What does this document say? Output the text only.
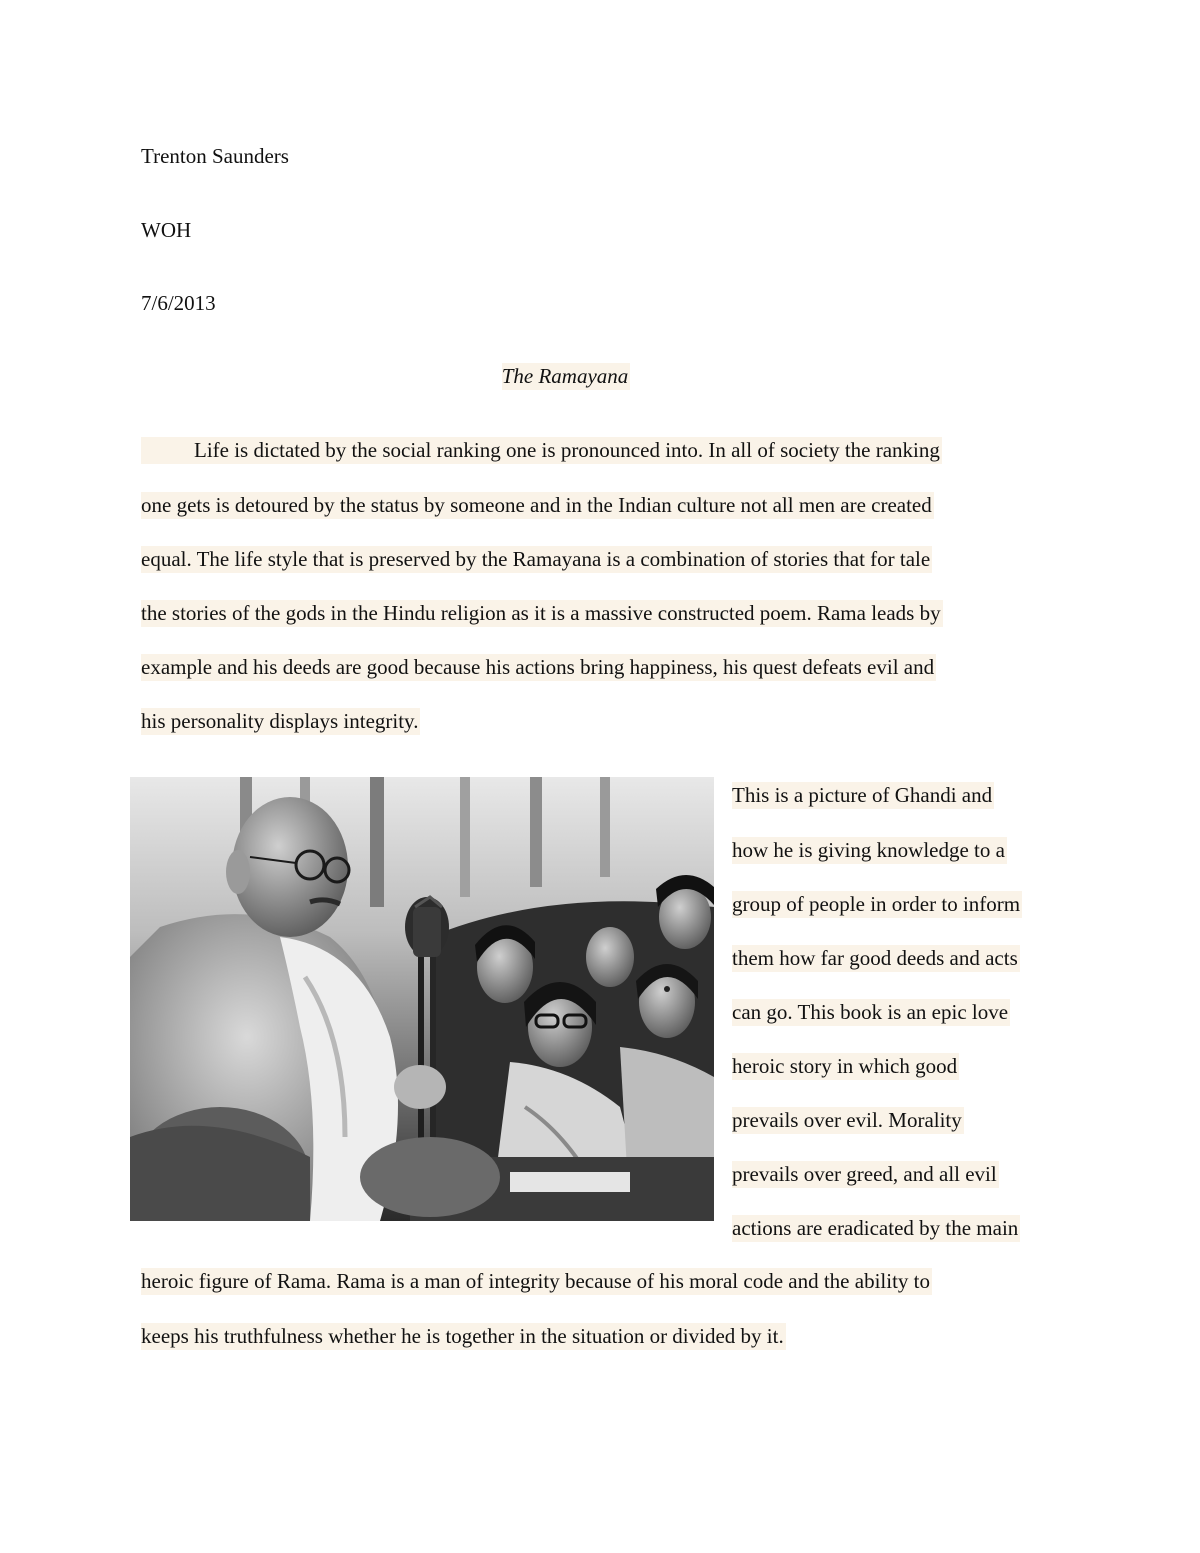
Trenton Saunders
WOH
7/6/2013
The Ramayana
Life is dictated by the social ranking one is pronounced into. In all of society the ranking
one gets is detoured by the status by someone and in the Indian culture not all men are created
equal. The life style that is preserved by the Ramayana is a combination of stories that for tale
the stories of the gods in the Hindu religion as it is a massive constructed poem. Rama leads by
example and his deeds are good because his actions bring happiness, his quest defeats evil and
his personality displays integrity.
This is a picture of Ghandi and
how he is giving knowledge to a
group of people in order to inform
them how far good deeds and acts
can go. This book is an epic love
heroic story in which good
prevails over evil. Morality
prevails over greed, and all evil
actions are eradicated by the main
heroic figure of Rama. Rama is a man of integrity because of his moral code and the ability to
keeps his truthfulness whether he is together in the situation or divided by it.
